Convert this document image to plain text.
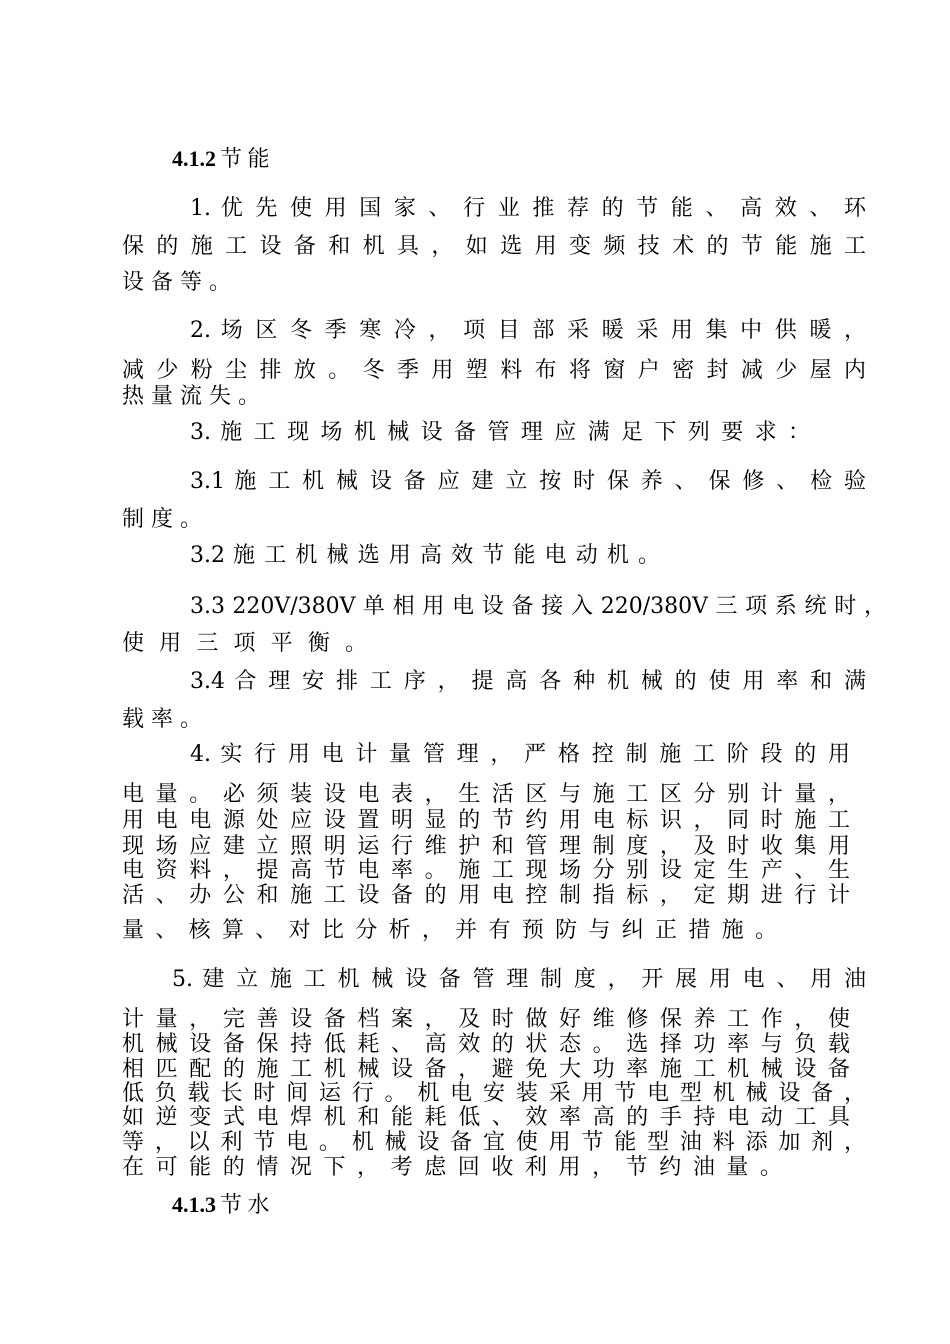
4.1.2 节 能
1. 优 先 使 用 国 家 、 行 业 推 荐 的 节 能 、 高 效 、 环
保 的 施 工 设 备 和 机 具 ， 如 选 用 变 频 技 术 的 节 能 施 工
设 备 等 。
2. 场 区 冬 季 寒 冷 ， 项 目 部 采 暖 采 用 集 中 供 暖 ，
减 少 粉 尘 排 放 。 冬 季 用 塑 料 布 将 窗 户 密 封 减 少 屋 内
热 量 流 失 。
3. 施 工 现 场 机 械 设 备 管 理 应 满 足 下 列 要 求 ：
3.1 施 工 机 械 设 备 应 建 立 按 时 保 养 、 保 修 、 检 验
制 度 。
3.2 施 工 机 械 选 用 高 效 节 能 电 动 机 。
3.3 220V/380V 单 相 用 电 设 备 接 入 220/380V 三 项 系 统 时 ，
使 用 三 项 平 衡 。
3.4 合 理 安 排 工 序 ， 提 高 各 种 机 械 的 使 用 率 和 满
载 率 。
4. 实 行 用 电 计 量 管 理 ， 严 格 控 制 施 工 阶 段 的 用
电 量 。 必 须 装 设 电 表 ， 生 活 区 与 施 工 区 分 别 计 量 ，
用 电 电 源 处 应 设 置 明 显 的 节 约 用 电 标 识 ， 同 时 施 工
现 场 应 建 立 照 明 运 行 维 护 和 管 理 制 度 ， 及 时 收 集 用
电 资 料 ， 提 高 节 电 率 。 施 工 现 场 分 别 设 定 生 产 、 生
活 、 办 公 和 施 工 设 备 的 用 电 控 制 指 标 ， 定 期 进 行 计
量 、 核 算 、 对 比 分 析 ， 并 有 预 防 与 纠 正 措 施 。
5. 建 立 施 工 机 械 设 备 管 理 制 度 ， 开 展 用 电 、 用 油
计 量 ， 完 善 设 备 档 案 ， 及 时 做 好 维 修 保 养 工 作 ， 使
机 械 设 备 保 持 低 耗 、 高 效 的 状 态 。 选 择 功 率 与 负 载
相 匹 配 的 施 工 机 械 设 备 ， 避 免 大 功 率 施 工 机 械 设 备
低 负 载 长 时 间 运 行 。 机 电 安 装 采 用 节 电 型 机 械 设 备 ，
如 逆 变 式 电 焊 机 和 能 耗 低 、 效 率 高 的 手 持 电 动 工 具
等 ， 以 利 节 电 。 机 械 设 备 宜 使 用 节 能 型 油 料 添 加 剂 ，
在 可 能 的 情 况 下 ， 考 虑 回 收 利 用 ， 节 约 油 量 。
4.1.3 节 水
